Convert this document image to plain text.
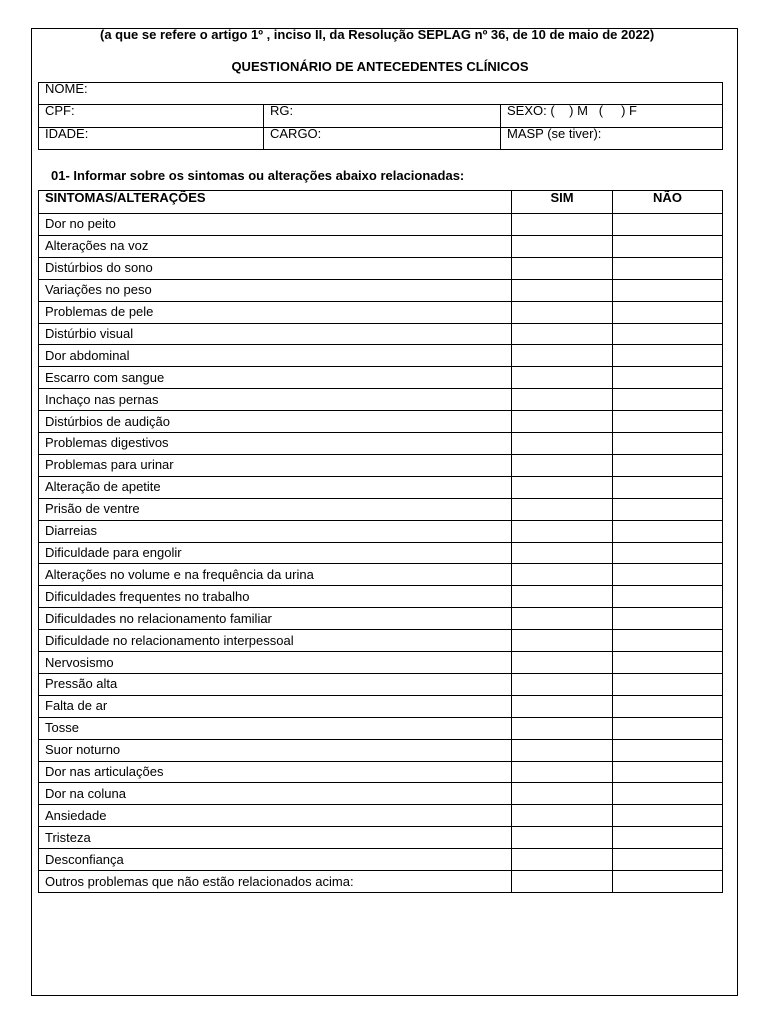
(a que se refere o artigo 1º , inciso II, da Resolução SEPLAG nº 36, de 10 de maio de 2022)
QUESTIONÁRIO DE ANTECEDENTES CLÍNICOS
NOME:
CPF:	RG:	SEXO: (    ) M   (     ) F
IDADE:	CARGO:	MASP (se tiver):
01- Informar sobre os sintomas ou alterações abaixo relacionadas:
SINTOMAS/ALTERAÇÕES	SIM	NÃO
Dor no peito
Alterações na voz
Distúrbios do sono
Variações no peso
Problemas de pele
Distúrbio visual
Dor abdominal
Escarro com sangue
Inchaço nas pernas
Distúrbios de audição
Problemas digestivos
Problemas para urinar
Alteração de apetite
Prisão de ventre
Diarreias
Dificuldade para engolir
Alterações no volume e na frequência da urina
Dificuldades frequentes no trabalho
Dificuldades no relacionamento familiar
Dificuldade no relacionamento interpessoal
Nervosismo
Pressão alta
Falta de ar
Tosse
Suor noturno
Dor nas articulações
Dor na coluna
Ansiedade
Tristeza
Desconfiança
Outros problemas que não estão relacionados acima:
